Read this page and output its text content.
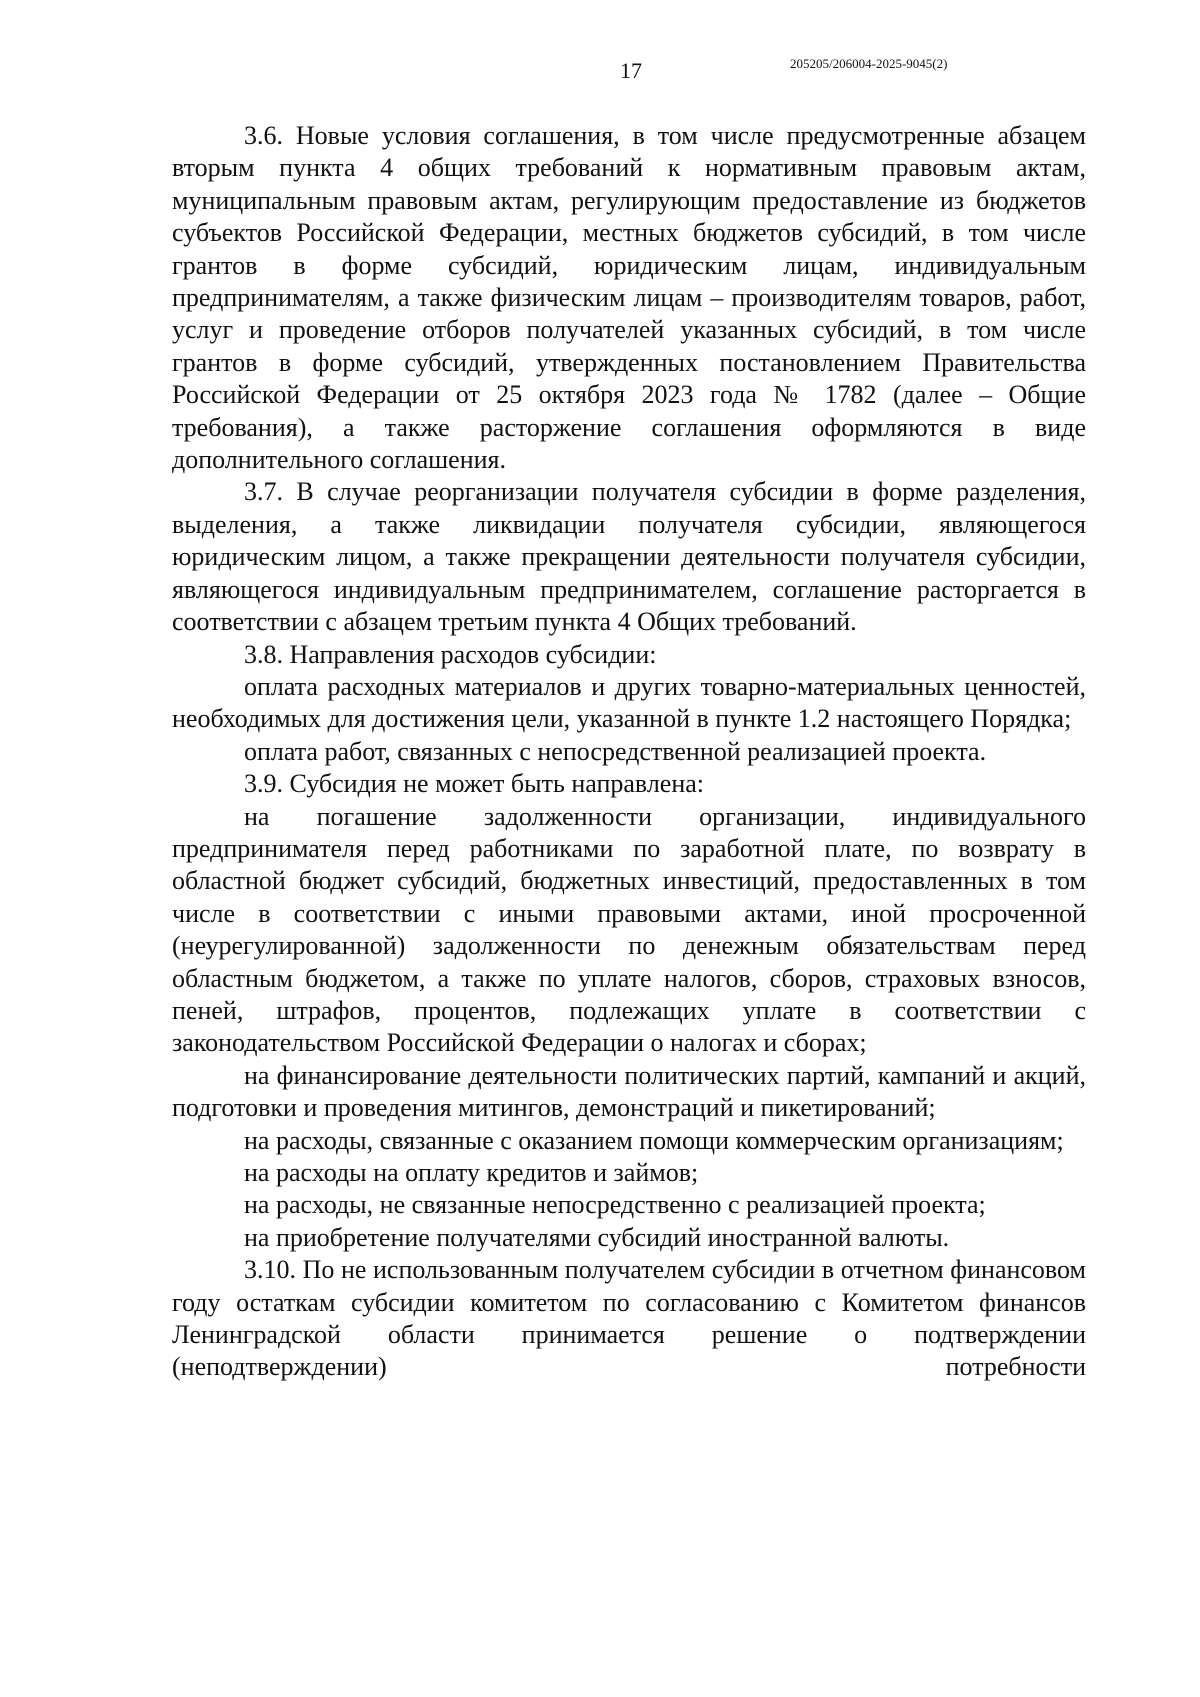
17	205205/206004-2025-9045(2)

3.6. Новые условия соглашения, в том числе предусмотренные абзацем вторым пункта 4 общих требований к нормативным правовым актам, муниципальным правовым актам, регулирующим предоставление из бюджетов субъектов Российской Федерации, местных бюджетов субсидий, в том числе грантов в форме субсидий, юридическим лицам, индивидуальным предпринимателям, а также физическим лицам – производителям товаров, работ, услуг и проведение отборов получателей указанных субсидий, в том числе грантов в форме субсидий, утвержденных постановлением Правительства Российской Федерации от 25 октября 2023 года № 1782 (далее – Общие требования), а также расторжение соглашения оформляются в виде дополнительного соглашения.

3.7. В случае реорганизации получателя субсидии в форме разделения, выделения, а также ликвидации получателя субсидии, являющегося юридическим лицом, а также прекращении деятельности получателя субсидии, являющегося индивидуальным предпринимателем, соглашение расторгается в соответствии с абзацем третьим пункта 4 Общих требований.

3.8. Направления расходов субсидии:

оплата расходных материалов и других товарно-материальных ценностей, необходимых для достижения цели, указанной в пункте 1.2 настоящего Порядка;

оплата работ, связанных с непосредственной реализацией проекта.

3.9. Субсидия не может быть направлена:

на погашение задолженности организации, индивидуального предпринимателя перед работниками по заработной плате, по возврату в областной бюджет субсидий, бюджетных инвестиций, предоставленных в том числе в соответствии с иными правовыми актами, иной просроченной (неурегулированной) задолженности по денежным обязательствам перед областным бюджетом, а также по уплате налогов, сборов, страховых взносов, пеней, штрафов, процентов, подлежащих уплате в соответствии с законодательством Российской Федерации о налогах и сборах;

на финансирование деятельности политических партий, кампаний и акций, подготовки и проведения митингов, демонстраций и пикетирований;

на расходы, связанные с оказанием помощи коммерческим организациям;

на расходы на оплату кредитов и займов;

на расходы, не связанные непосредственно с реализацией проекта;

на приобретение получателями субсидий иностранной валюты.

3.10. По не использованным получателем субсидии в отчетном финансовом году остаткам субсидии комитетом по согласованию с Комитетом финансов Ленинградской области принимается решение о подтверждении (неподтверждении) потребности
